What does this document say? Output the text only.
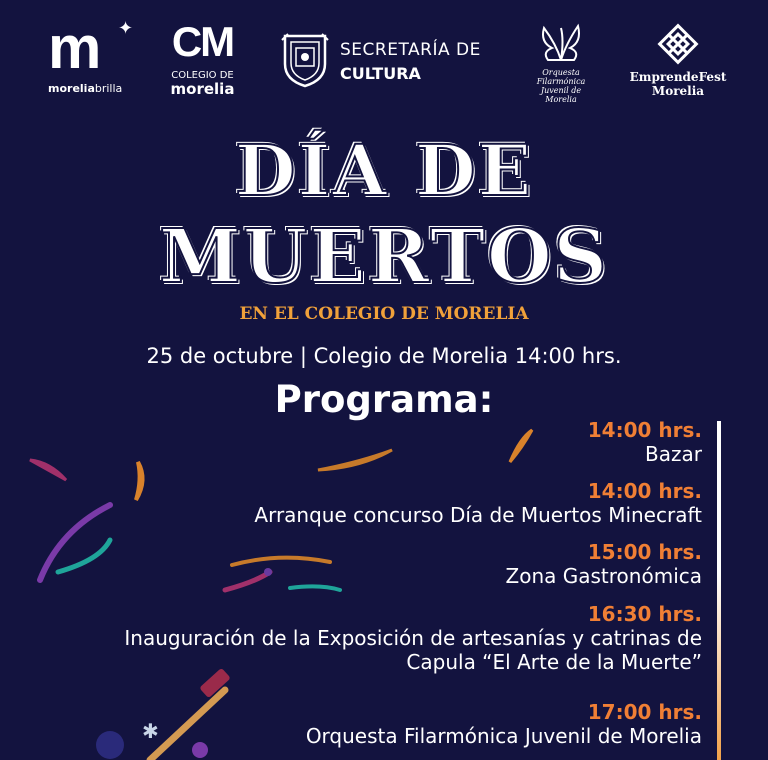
✱
m	✦
moreliabrilla
CM
COLEGIO DE
morelia
SECRETARÍA DE
CULTURA	Orquesta
Filarmónica
Juvenil de Morelia
EmprendeFest
Morelia
DÍA DE
MUERTOS
EN EL COLEGIO DE MORELIA
25 de octubre | Colegio de Morelia 14:00 hrs.
Programa:
14:00 hrs.
Bazar
14:00 hrs.
Arranque concurso Día de Muertos Minecraft
15:00 hrs.
Zona Gastronómica
16:30 hrs.
Inauguración de la Exposición de artesanías y catrinas de
Capula “El Arte de la Muerte”
17:00 hrs.
Orquesta Filarmónica Juvenil de Morelia
